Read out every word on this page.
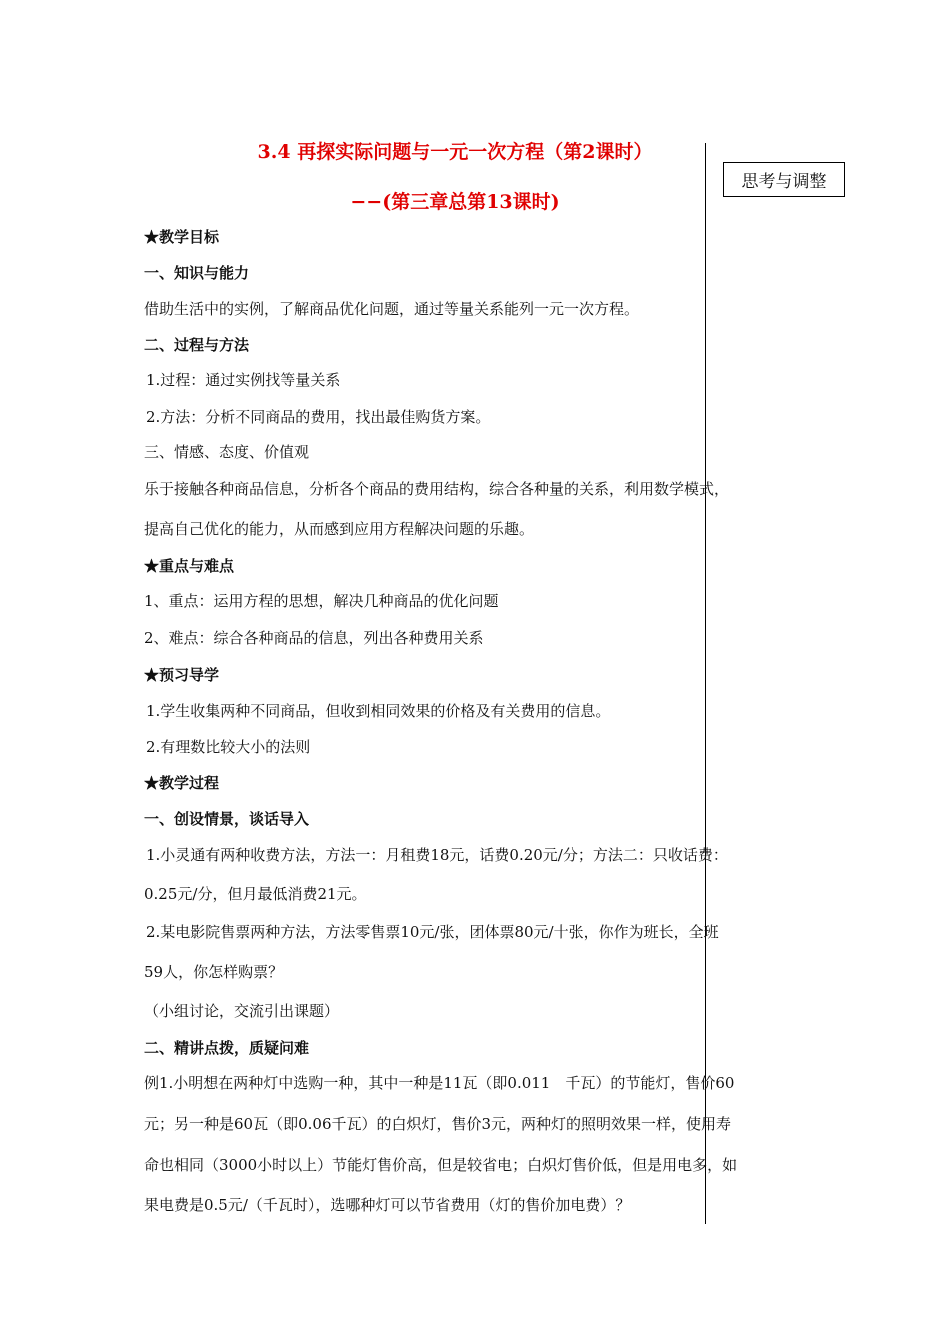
3.4 再探实际问题与一元一次方程（第2课时）
−−(第三章总第13课时)
思考与调整
★教学目标
一、知识与能力
借助生活中的实例，了解商品优化问题，通过等量关系能列一元一次方程。
二、过程与方法
1.过程：通过实例找等量关系
2.方法：分析不同商品的费用，找出最佳购货方案。
三、情感、态度、价值观
乐于接触各种商品信息，分析各个商品的费用结构，综合各种量的关系，利用数学模式，
提高自己优化的能力，从而感到应用方程解决问题的乐趣。
★重点与难点
1、重点：运用方程的思想，解决几种商品的优化问题
2、难点：综合各种商品的信息，列出各种费用关系
★预习导学
1.学生收集两种不同商品，但收到相同效果的价格及有关费用的信息。
2.有理数比较大小的法则
★教学过程
一、创设情景，谈话导入
1.小灵通有两种收费方法，方法一：月租费18元，话费0.20元/分；方法二：只收话费：
0.25元/分，但月最低消费21元。
2.某电影院售票两种方法，方法零售票10元/张，团体票80元/十张，你作为班长，全班
59人，你怎样购票？
（小组讨论，交流引出课题）
二、精讲点拨，质疑问难
例1.小明想在两种灯中选购一种，其中一种是11瓦（即0.011　千瓦）的节能灯，售价60
元；另一种是60瓦（即0.06千瓦）的白炽灯，售价3元，两种灯的照明效果一样，使用寿
命也相同（3000小时以上）节能灯售价高，但是较省电；白炽灯售价低，但是用电多，如
果电费是0.5元/（千瓦时），选哪种灯可以节省费用（灯的售价加电费）？
